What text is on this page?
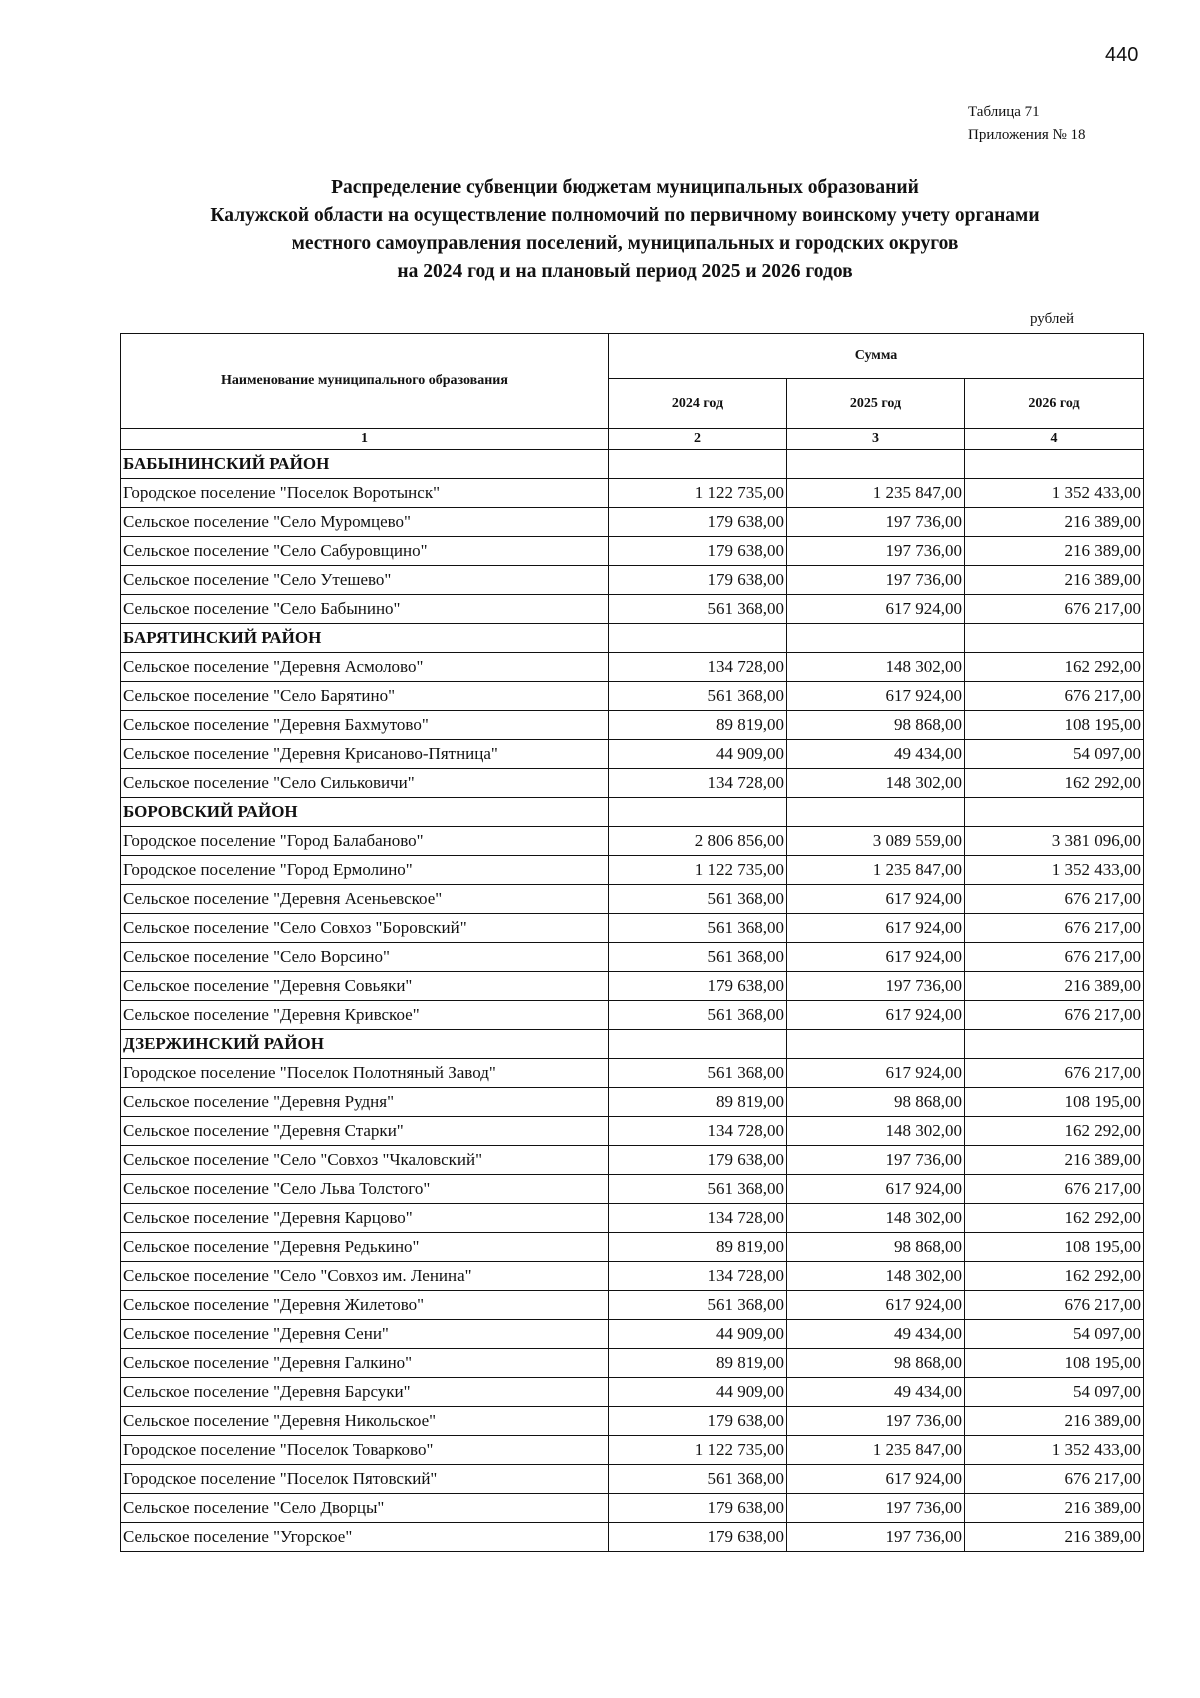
440
Таблица 71
Приложения № 18
Распределение субвенции бюджетам муниципальных образований
Калужской области на осуществление полномочий по первичному воинскому учету органами
местного самоуправления поселений, муниципальных и городских округов
на 2024 год и на плановый период 2025 и 2026 годов
рублей
Наименование муниципального образования	Сумма		
	2024 год	2025 год	2026 год
1	2	3	4
БАБЫНИНСКИЙ РАЙОН			
Городское поселение "Поселок Воротынск"	1 122 735,00	1 235 847,00	1 352 433,00
Сельское поселение "Село Муромцево"	179 638,00	197 736,00	216 389,00
Сельское поселение "Село Сабуровщино"	179 638,00	197 736,00	216 389,00
Сельское поселение "Село Утешево"	179 638,00	197 736,00	216 389,00
Сельское поселение "Село Бабынино"	561 368,00	617 924,00	676 217,00
БАРЯТИНСКИЙ РАЙОН			
Сельское поселение "Деревня Асмолово"	134 728,00	148 302,00	162 292,00
Сельское поселение "Село Барятино"	561 368,00	617 924,00	676 217,00
Сельское поселение "Деревня Бахмутово"	89 819,00	98 868,00	108 195,00
Сельское поселение "Деревня Крисаново-Пятница"	44 909,00	49 434,00	54 097,00
Сельское поселение "Село Сильковичи"	134 728,00	148 302,00	162 292,00
БОРОВСКИЙ РАЙОН			
Городское поселение "Город Балабаново"	2 806 856,00	3 089 559,00	3 381 096,00
Городское поселение "Город Ермолино"	1 122 735,00	1 235 847,00	1 352 433,00
Сельское поселение "Деревня Асеньевское"	561 368,00	617 924,00	676 217,00
Сельское поселение "Село Совхоз "Боровский"	561 368,00	617 924,00	676 217,00
Сельское поселение "Село Ворсино"	561 368,00	617 924,00	676 217,00
Сельское поселение "Деревня Совьяки"	179 638,00	197 736,00	216 389,00
Сельское поселение "Деревня Кривское"	561 368,00	617 924,00	676 217,00
ДЗЕРЖИНСКИЙ РАЙОН			
Городское поселение "Поселок Полотняный Завод"	561 368,00	617 924,00	676 217,00
Сельское поселение "Деревня Рудня"	89 819,00	98 868,00	108 195,00
Сельское поселение "Деревня Старки"	134 728,00	148 302,00	162 292,00
Сельское поселение "Село "Совхоз "Чкаловский"	179 638,00	197 736,00	216 389,00
Сельское поселение "Село Льва Толстого"	561 368,00	617 924,00	676 217,00
Сельское поселение "Деревня Карцово"	134 728,00	148 302,00	162 292,00
Сельское поселение "Деревня Редькино"	89 819,00	98 868,00	108 195,00
Сельское поселение "Село "Совхоз им. Ленина"	134 728,00	148 302,00	162 292,00
Сельское поселение "Деревня Жилетово"	561 368,00	617 924,00	676 217,00
Сельское поселение "Деревня Сени"	44 909,00	49 434,00	54 097,00
Сельское поселение "Деревня Галкино"	89 819,00	98 868,00	108 195,00
Сельское поселение "Деревня Барсуки"	44 909,00	49 434,00	54 097,00
Сельское поселение "Деревня Никольское"	179 638,00	197 736,00	216 389,00
Городское поселение "Поселок Товарково"	1 122 735,00	1 235 847,00	1 352 433,00
Городское поселение "Поселок Пятовский"	561 368,00	617 924,00	676 217,00
Сельское поселение "Село Дворцы"	179 638,00	197 736,00	216 389,00
Сельское поселение "Угорское"	179 638,00	197 736,00	216 389,00
